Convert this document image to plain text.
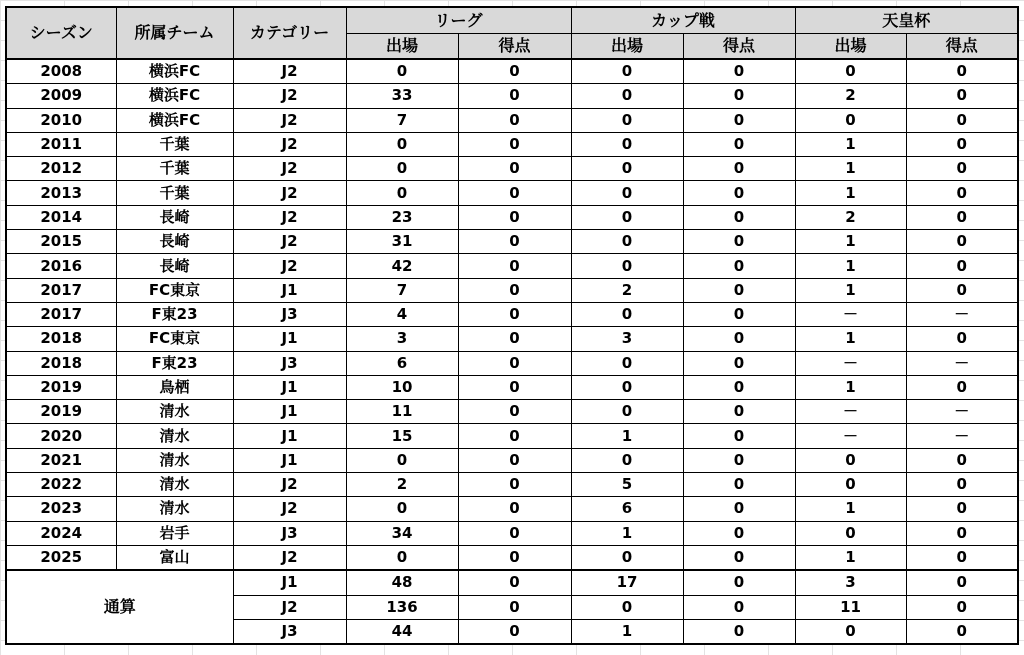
シーズン	所属チーム	カテゴリー	リーグ		カップ戦		天皇杯	
			出場	得点	出場	得点	出場	得点
2008	横浜FC	J2	0	0	0	0	0	0
2009	横浜FC	J2	33	0	0	0	2	0
2010	横浜FC	J2	7	0	0	0	0	0
2011	千葉	J2	0	0	0	0	1	0
2012	千葉	J2	0	0	0	0	1	0
2013	千葉	J2	0	0	0	0	1	0
2014	長崎	J2	23	0	0	0	2	0
2015	長崎	J2	31	0	0	0	1	0
2016	長崎	J2	42	0	0	0	1	0
2017	FC東京	J1	7	0	2	0	1	0
2017	F東23	J3	4	0	0	0	－	－
2018	FC東京	J1	3	0	3	0	1	0
2018	F東23	J3	6	0	0	0	－	－
2019	鳥栖	J1	10	0	0	0	1	0
2019	清水	J1	11	0	0	0	－	－
2020	清水	J1	15	0	1	0	－	－
2021	清水	J1	0	0	0	0	0	0
2022	清水	J2	2	0	5	0	0	0
2023	清水	J2	0	0	6	0	1	0
2024	岩手	J3	34	0	1	0	0	0
2025	富山	J2	0	0	0	0	1	0
通算		J1	48	0	17	0	3	0
		J2	136	0	0	0	11	0
		J3	44	0	1	0	0	0
